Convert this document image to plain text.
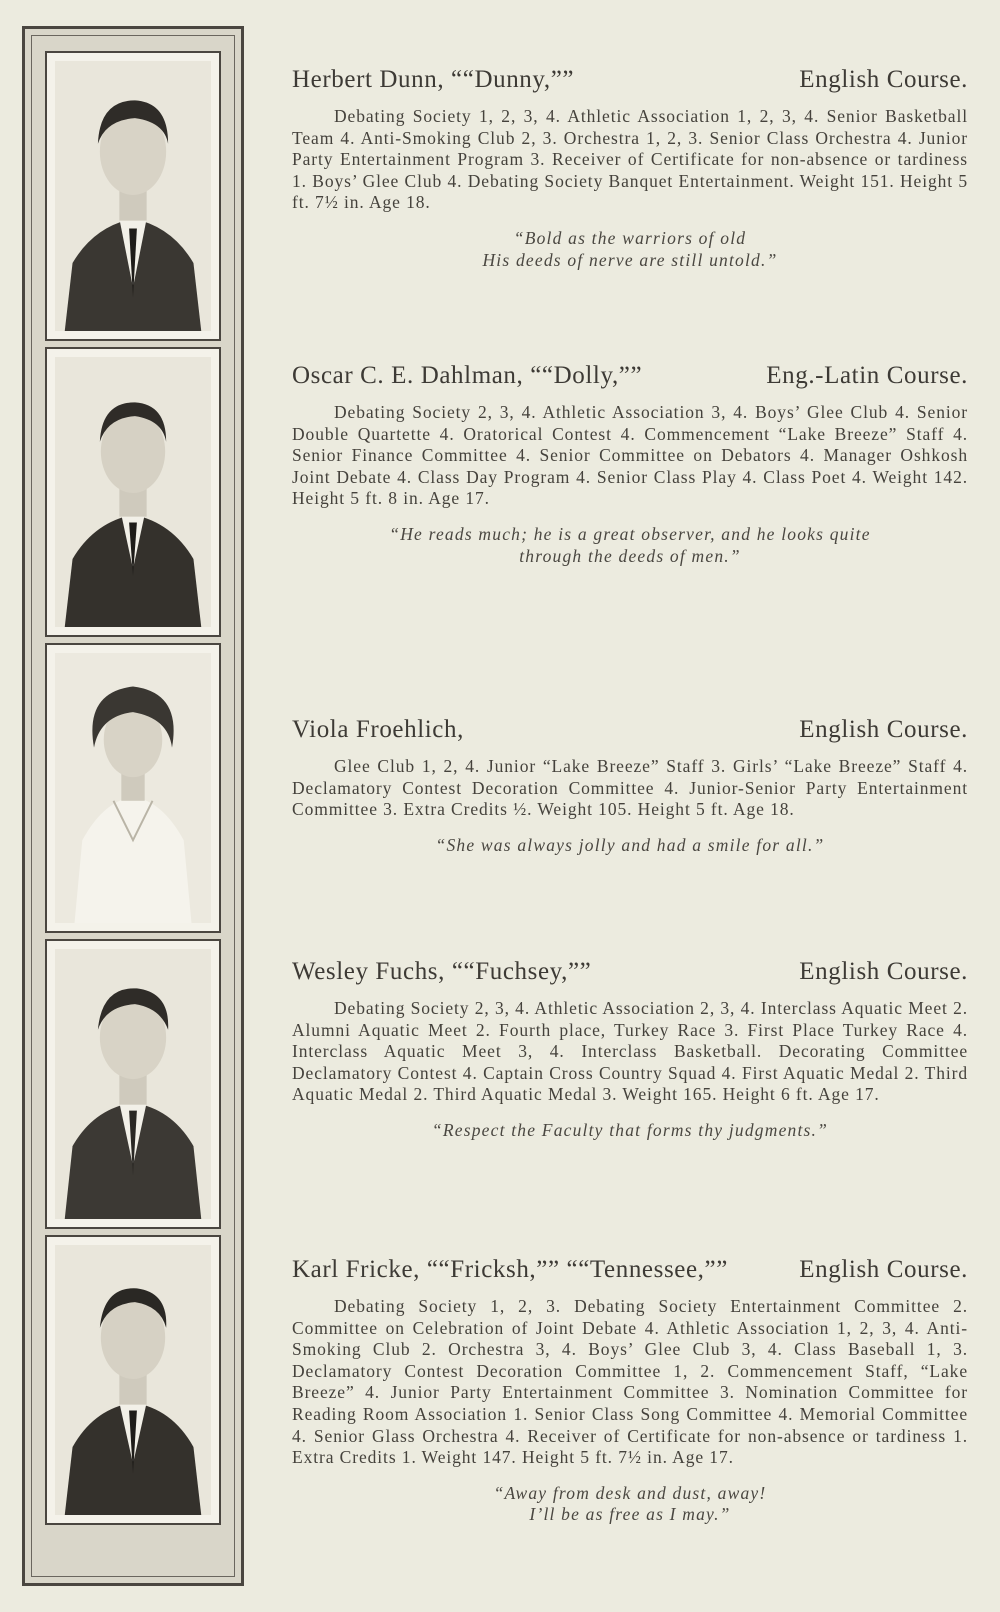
Herbert Dunn, ““Dunny,””	English Course.
Debating Society 1, 2, 3, 4. Athletic Association 1, 2, 3, 4. Senior Basketball Team 4. Anti-Smoking Club 2, 3. Orchestra 1, 2, 3. Senior Class Orchestra 4. Junior Party Entertainment Program 3. Receiver of Certificate for non-absence or tardiness 1. Boys’ Glee Club 4. Debating Society Banquet Entertainment. Weight 151. Height 5 ft. 7½ in. Age 18.
“Bold as the warriors of old
His deeds of nerve are still untold.”
Oscar C. E. Dahlman, ““Dolly,””	Eng.-Latin Course.
Debating Society 2, 3, 4. Athletic Association 3, 4. Boys’ Glee Club 4. Senior Double Quartette 4. Oratorical Contest 4. Commencement “Lake Breeze” Staff 4. Senior Finance Committee 4. Senior Committee on Debators 4. Manager Oshkosh Joint Debate 4. Class Day Program 4. Senior Class Play 4. Class Poet 4. Weight 142. Height 5 ft. 8 in. Age 17.
“He reads much; he is a great observer, and he looks quite
through the deeds of men.”
Viola Froehlich,	English Course.
Glee Club 1, 2, 4. Junior “Lake Breeze” Staff 3. Girls’ “Lake Breeze” Staff 4. Declamatory Contest Decoration Committee 4. Junior-Senior Party Entertainment Committee 3. Extra Credits ½. Weight 105. Height 5 ft. Age 18.
“She was always jolly and had a smile for all.”
Wesley Fuchs, ““Fuchsey,””	English Course.
Debating Society 2, 3, 4. Athletic Association 2, 3, 4. Interclass Aquatic Meet 2. Alumni Aquatic Meet 2. Fourth place, Turkey Race 3. First Place Turkey Race 4. Interclass Aquatic Meet 3, 4. Interclass Basketball. Decorating Committee Declamatory Contest 4. Captain Cross Country Squad 4. First Aquatic Medal 2. Third Aquatic Medal 2. Third Aquatic Medal 3. Weight 165. Height 6 ft. Age 17.
“Respect the Faculty that forms thy judgments.”
Karl Fricke, ““Fricksh,”” ““Tennessee,””	English Course.
Debating Society 1, 2, 3. Debating Society Entertainment Committee 2. Committee on Celebration of Joint Debate 4. Athletic Association 1, 2, 3, 4. Anti-Smoking Club 2. Orchestra 3, 4. Boys’ Glee Club 3, 4. Class Baseball 1, 3. Declamatory Contest Decoration Committee 1, 2. Commencement Staff, “Lake Breeze” 4. Junior Party Entertainment Committee 3. Nomination Committee for Reading Room Association 1. Senior Class Song Committee 4. Memorial Committee 4. Senior Glass Orchestra 4. Receiver of Certificate for non-absence or tardiness 1. Extra Credits 1. Weight 147. Height 5 ft. 7½ in. Age 17.
“Away from desk and dust, away!
I’ll be as free as I may.”
